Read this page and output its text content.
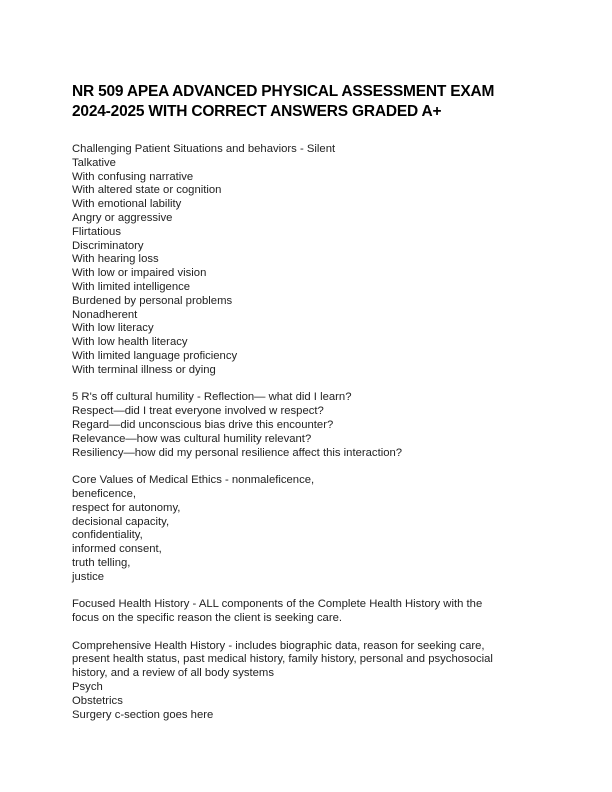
NR 509 APEA ADVANCED PHYSICAL ASSESSMENT EXAM
2024-2025 WITH CORRECT ANSWERS GRADED A+
Challenging Patient Situations and behaviors - Silent
Talkative
With confusing narrative
With altered state or cognition
With emotional lability
Angry or aggressive
Flirtatious
Discriminatory
With hearing loss
With low or impaired vision
With limited intelligence
Burdened by personal problems
Nonadherent
With low literacy
With low health literacy
With limited language proficiency
With terminal illness or dying
5 R's off cultural humility - Reflection— what did I learn?
Respect—did I treat everyone involved w respect?
Regard—did unconscious bias drive this encounter?
Relevance—how was cultural humility relevant?
Resiliency—how did my personal resilience affect this interaction?
Core Values of Medical Ethics - nonmaleficence,
beneficence,
respect for autonomy,
decisional capacity,
confidentiality,
informed consent,
truth telling,
justice
Focused Health History - ALL components of the Complete Health History with the
focus on the specific reason the client is seeking care.
Comprehensive Health History - includes biographic data, reason for seeking care,
present health status, past medical history, family history, personal and psychosocial
history, and a review of all body systems
Psych
Obstetrics
Surgery c-section goes here
